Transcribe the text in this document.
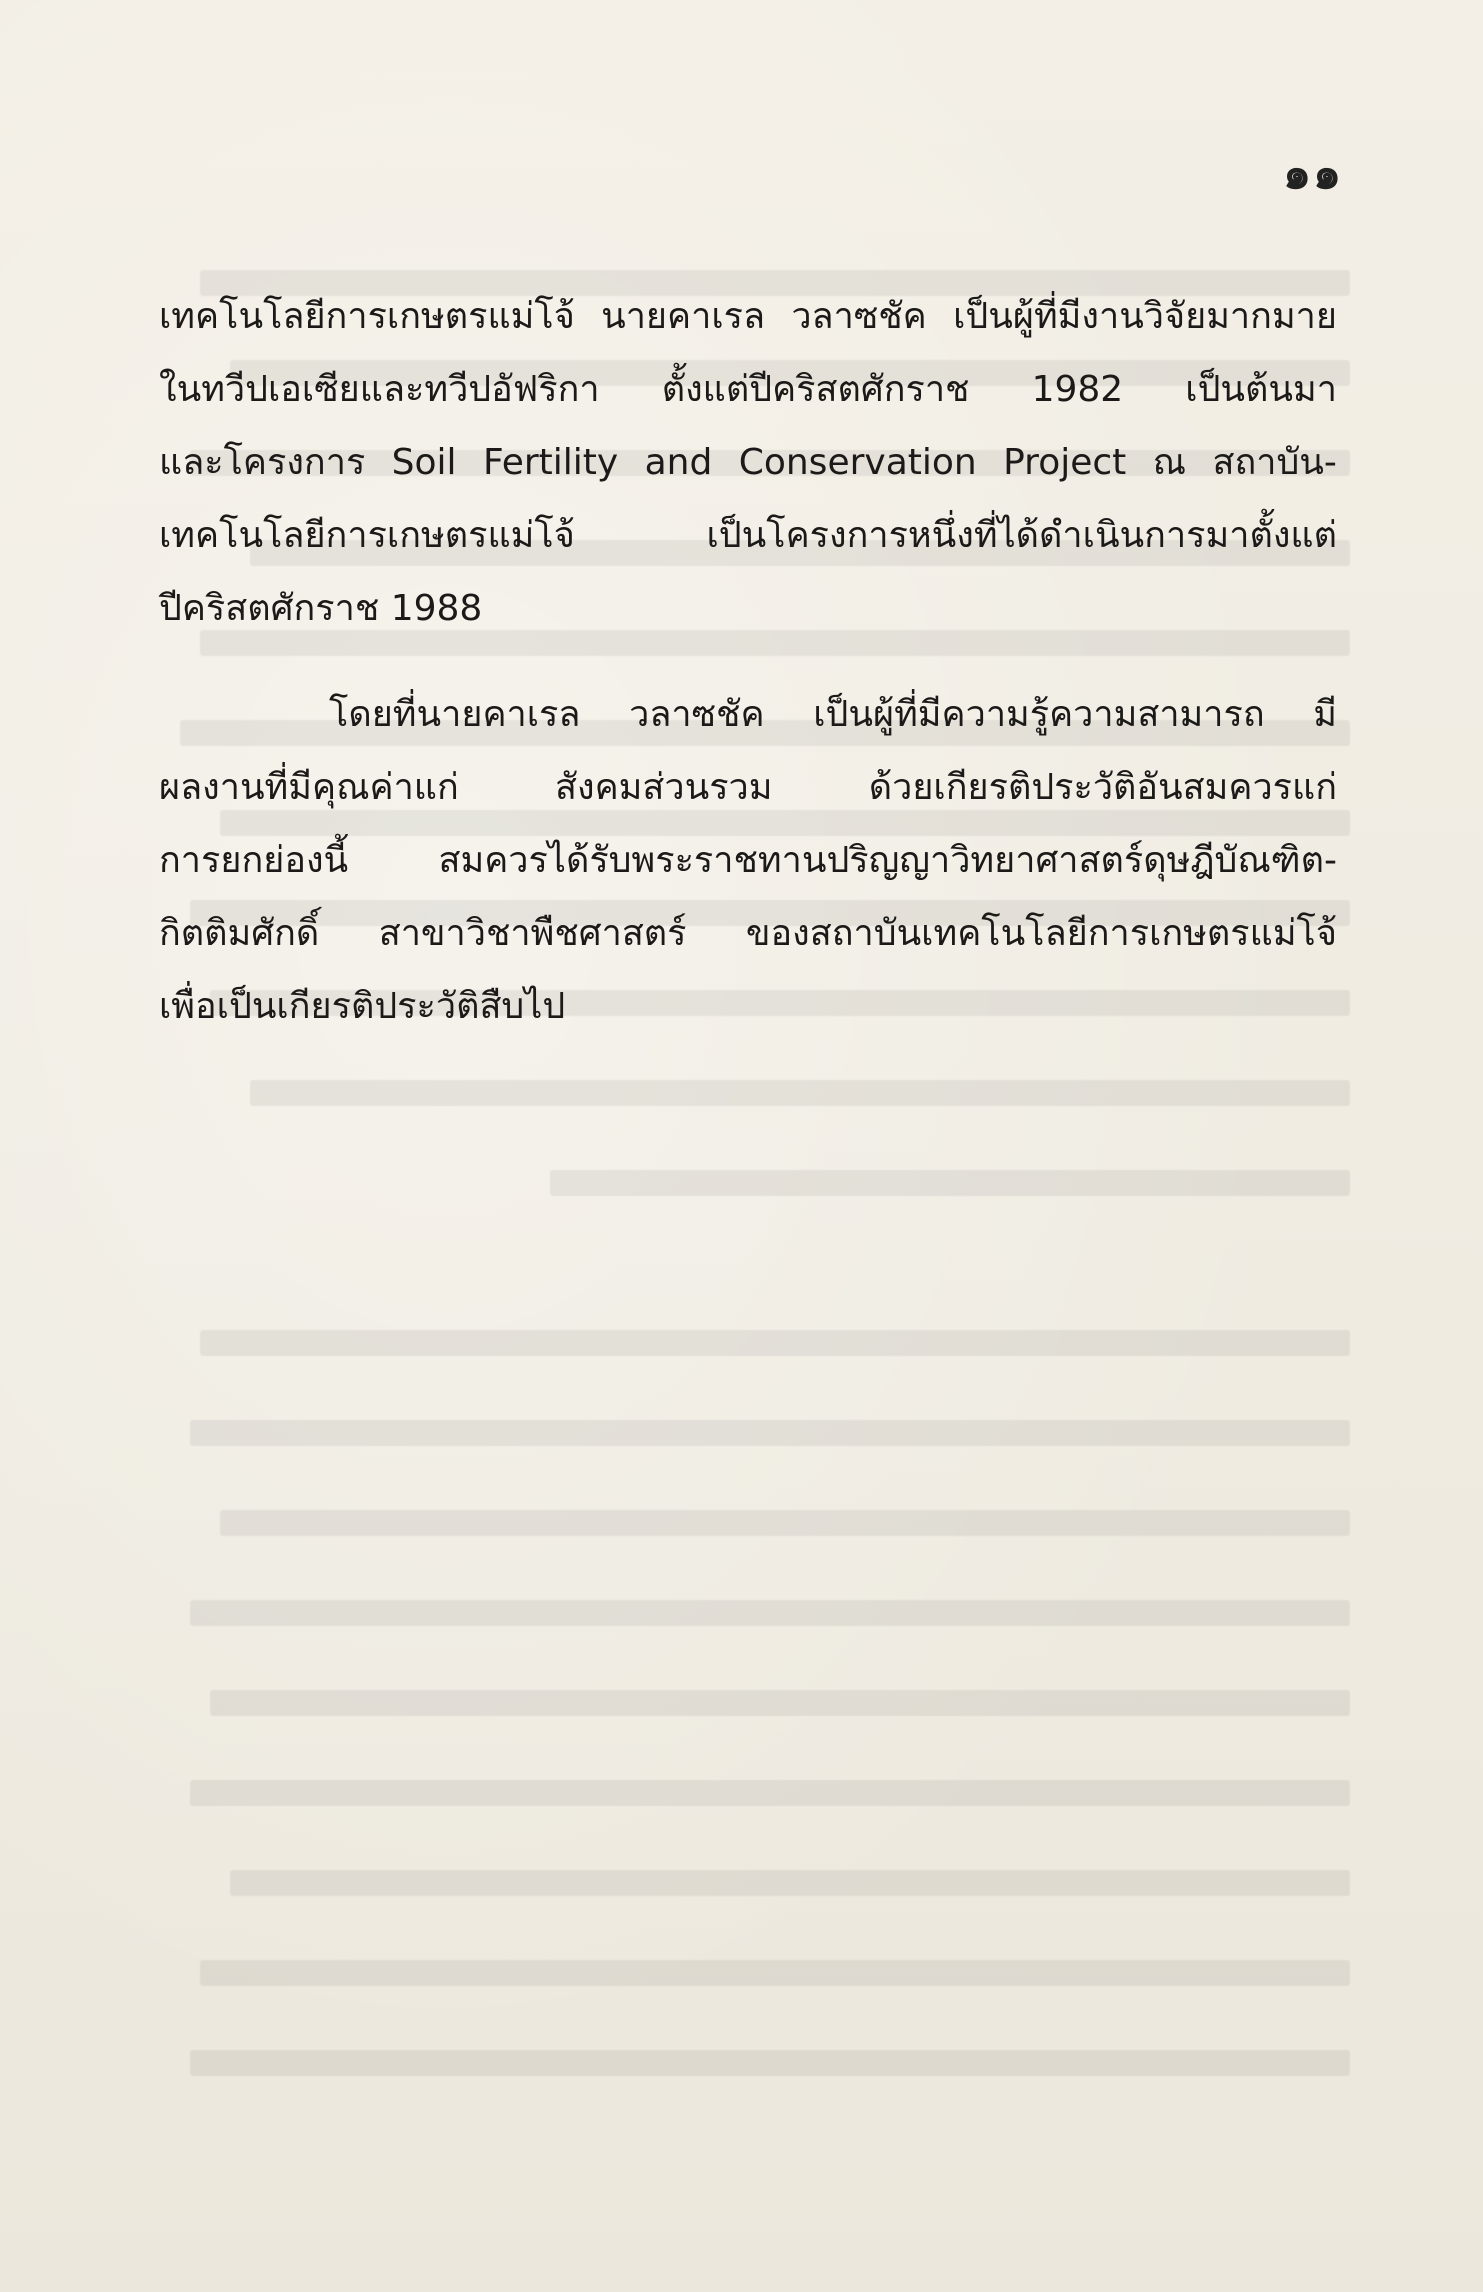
๑๑
เทคโนโลยีการเกษตรแม่โจ้ นายคาเรล วลาซชัค เป็นผู้ที่มีงานวิจัยมากมาย
ในทวีปเอเซียและทวีปอัฟริกา ตั้งแต่ปีคริสตศักราช 1982 เป็นต้นมา
และโครงการ Soil Fertility and Conservation Project ณ สถาบัน-
เทคโนโลยีการเกษตรแม่โจ้	เป็นโครงการหนึ่งที่ได้ดำเนินการมาตั้งแต่
ปีคริสตศักราช 1988
โดยที่นายคาเรล วลาซชัค เป็นผู้ที่มีความรู้ความสามารถ มี
ผลงานที่มีคุณค่าแก่	สังคมส่วนรวม	ด้วยเกียรติประวัติอันสมควรแก่
การยกย่องนี้	สมควรได้รับพระราชทานปริญญาวิทยาศาสตร์ดุษฎีบัณฑิต-
กิตติมศักดิ์ สาขาวิชาพืชศาสตร์ ของสถาบันเทคโนโลยีการเกษตรแม่โจ้
เพื่อเป็นเกียรติประวัติสืบไป
